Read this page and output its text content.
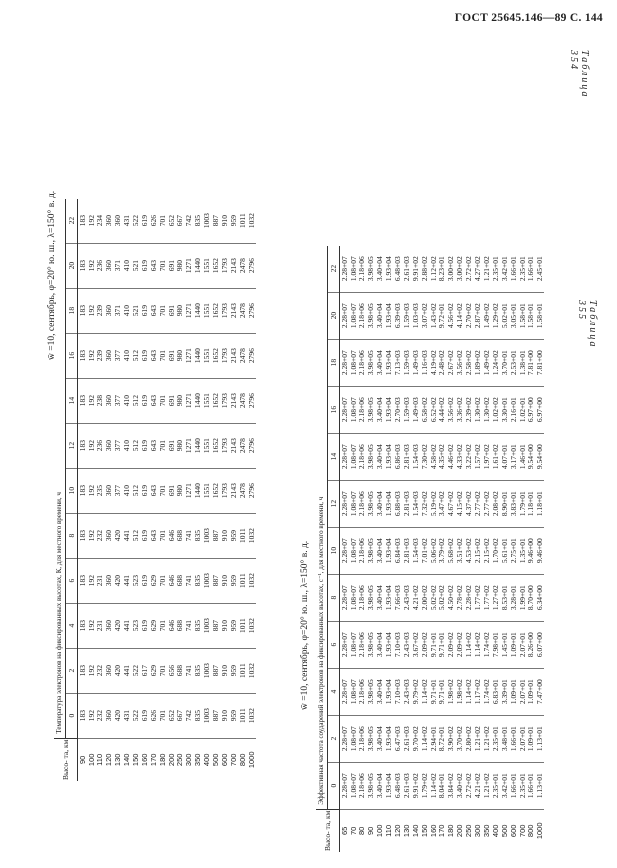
ГОСТ 25645.146—89 С. 144
Таблица 354
w̄ =10, сентябрь, φ=20° ю. ш., λ=150° в. д.
Высо- та, км	Температура электронов на фиксированных высотах, К, для местного времени, ч											
	0	2	4	6	8	10	12	14	16	18	20	22
90	183	183	183	183	183	183	183	183	183	183	183	183
100	192	192	192	192	192	192	192	192	192	192	192	192
110	232	232	231	231	232	235	236	238	239	239	236	234
120	360	360	360	360	360	360	360	360	360	360	360	360
130	420	420	420	420	420	377	377	377	377	371	371	360
140	431	441	441	441	441	410	410	410	410	410	410	431
150	522	522	523	523	512	512	512	512	512	521	521	522
160	619	617	619	619	619	619	619	619	619	619	619	619
170	626	629	629	629	643	643	643	643	643	643	643	626
180	701	701	701	701	701	701	701	701	701	701	701	701
200	652	656	646	646	646	691	691	691	691	691	691	652
250	667	688	688	688	688	980	980	980	980	980	980	667
300	742	741	741	741	741	1271	1271	1271	1271	1271	1271	742
350	835	835	835	835	835	1440	1440	1440	1440	1440	1440	835
400	1003	1003	1003	1003	1003	1551	1551	1551	1551	1551	1551	1003
500	887	887	887	887	887	1652	1652	1652	1652	1652	1652	887
600	910	910	910	910	910	1793	1793	1793	1793	1793	1793	910
700	959	959	959	959	959	2143	2143	2143	2143	2143	2143	959
800	1011	1011	1011	1011	1011	2478	2478	2478	2478	2478	2478	1011
1000	1032	1032	1032	1032	1032	2796	2796	2796	2796	2796	2796	1032
Таблица 355
w̄ =10, сентябрь, φ=20° ю. ш., λ=150° в. д.
Высо- та, км	Эффективная частота соударений электронов на фиксированных высотах, с⁻¹, для местного времени, ч											
	0	2	4	6	8	10	12	14	16	18	20	22
65	2.28+07	2.28+07	2.28+07	2.28+07	2.28+07	2.28+07	2.28+07	2.28+07	2.28+07	2.28+07	2.28+07	2.28+07
70	1.08+07	1.08+07	1.08+07	1.08+07	1.08+07	1.08+07	1.08+07	1.08+07	1.08+07	1.08+07	1.08+07	1.08+07
80	2.18+06	2.18+06	2.18+06	2.18+06	2.18+06	2.18+06	2.18+06	2.18+06	2.18+06	2.18+06	2.18+06	2.18+06
90	3.98+05	3.98+05	3.98+05	3.98+05	3.98+05	3.98+05	3.98+05	3.98+05	3.98+05	3.98+05	3.98+05	3.98+05
100	3.40+04	3.40+04	3.40+04	3.40+04	3.40+04	3.40+04	3.40+04	3.40+04	3.40+04	3.40+04	3.40+04	3.40+04
110	1.93+04	1.93+04	1.93+04	1.93+04	1.93+04	1.93+04	1.93+04	1.93+04	1.93+04	1.93+04	1.93+04	1.93+04
120	6.48+03	6.47+03	7.10+03	7.10+03	7.66+03	6.84+03	6.88+03	6.86+03	2.70+03	7.13+03	6.39+03	6.48+03
130	2.61+03	2.61+03	2.43+03	2.43+03	2.43+03	2.81+03	2.81+03	2.81+03	1.59+03	1.59+03	1.59+03	2.61+03
140	9.91+02	9.70+02	9.79+02	3.67+02	4.21+02	1.54+03	1.54+03	1.54+03	1.49+03	1.49+03	1.03+03	9.91+02
150	1.79+02	1.14+02	1.14+02	2.09+02	2.00+02	7.01+02	7.32+02	7.30+02	6.58+02	1.16+03	3.07+02	2.88+02
160	1.14+02	2.94+01	9.71+01	9.71+01	5.02+02	5.06+02	5.19+02	4.58+02	6.52+02	4.19+02	1.43+02	1.12+02
170	8.04+01	8.72+01	9.71+01	9.71+01	5.02+02	3.79+02	3.47+02	4.35+02	4.44+02	2.48+02	9.72+01	8.23+01
180	3.84+02	3.90+02	1.98+02	2.09+02	4.50+02	5.68+02	4.67+02	4.46+02	3.56+02	2.67+02	4.56+02	3.00+02
200	3.40+02	3.70+02	1.98+02	2.09+02	2.78+02	3.51+02	4.15+02	4.33+02	3.36+02	3.56+02	4.14+02	3.00+02
250	2.72+02	2.80+02	1.14+02	1.14+02	2.28+02	4.53+02	4.37+02	3.22+02	2.39+02	2.58+02	2.70+02	2.72+02
300	4.21+02	1.21+02	1.17+02	1.14+02	1.77+02	2.15+02	2.77+02	1.57+02	1.30+02	1.89+02	2.87+02	4.27+02
350	1.21+02	1.21+02	1.74+02	1.74+02	1.77+02	2.15+02	2.77+02	1.97+02	1.30+02	1.49+02	1.49+02	1.21+02
400	2.35+01	2.35+01	6.83+01	7.98+01	1.27+02	1.70+02	2.08+02	1.61+02	1.02+02	1.24+02	1.29+02	2.35+01
500	3.42+01	3.48+01	3.39+01	1.45+01	8.53+01	5.61+01	8.90+01	4.07+01	3.30+01	3.70+01	5.02+01	3.42+01
600	1.66+01	1.66+01	1.09+01	1.09+01	3.28+01	2.75+01	3.83+01	3.17+01	2.16+01	2.53+01	3.05+01	1.66+01
700	2.35+01	2.07+01	2.07+01	2.07+01	1.99+01	1.35+01	1.79+01	1.46+01	1.02+01	1.38+01	1.58+01	2.35+01
800	1.66+01	1.09+01	1.09+01	8.26+00	8.70+00	9.46+00	1.18+01	9.54+00	6.97+00	7.81+00	1.58+01	1.66+01
1000	1.13+01	1.13+01	7.47+00	6.07+00	6.34+00	9.46+00	1.18+01	9.54+00	6.97+00	7.81+00	1.58+01	2.45+01
